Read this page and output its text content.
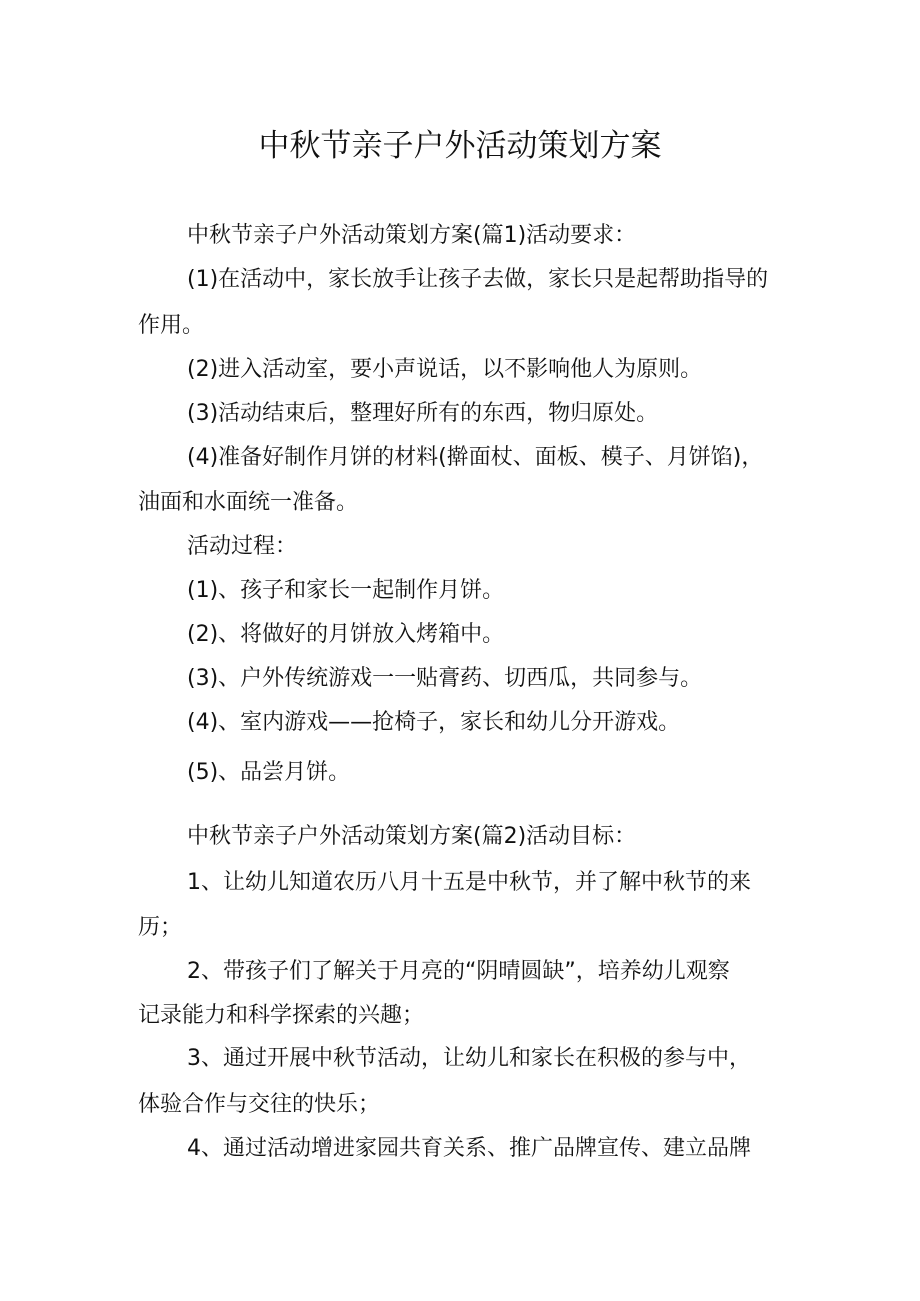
中秋节亲子户外活动策划方案
中秋节亲子户外活动策划方案(篇1)活动要求：
(1)在活动中，家长放手让孩子去做，家长只是起帮助指导的
作用。
(2)进入活动室，要小声说话，以不影响他人为原则。
(3)活动结束后，整理好所有的东西，物归原处。
(4)准备好制作月饼的材料(擀面杖、面板、模子、月饼馅)，
油面和水面统一准备。
活动过程：
(1)、孩子和家长一起制作月饼。
(2)、将做好的月饼放入烤箱中。
(3)、户外传统游戏一一贴膏药、切西瓜，共同参与。
(4)、室内游戏——抢椅子，家长和幼儿分开游戏。
(5)、品尝月饼。
中秋节亲子户外活动策划方案(篇2)活动目标：
1、让幼儿知道农历八月十五是中秋节，并了解中秋节的来
历；
2、带孩子们了解关于月亮的“阴晴圆缺”，培养幼儿观察
记录能力和科学探索的兴趣；
3、通过开展中秋节活动，让幼儿和家长在积极的参与中，
体验合作与交往的快乐；
4、通过活动增进家园共育关系、推广品牌宣传、建立品牌
